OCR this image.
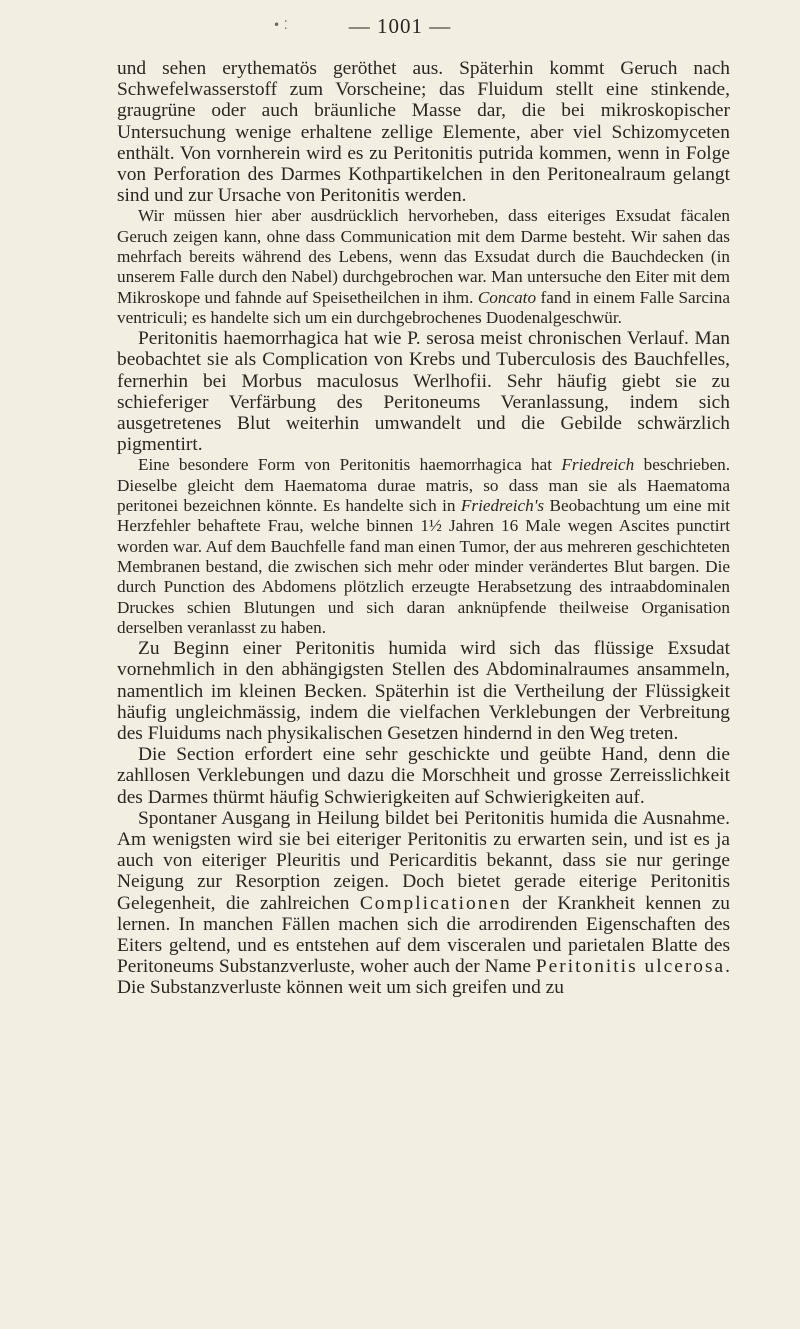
• ⁚	— 1001 —

und sehen erythematös geröthet aus. Späterhin kommt Geruch nach Schwefelwasserstoff zum Vorscheine; das Fluidum stellt eine stinkende, graugrüne oder auch bräunliche Masse dar, die bei mikroskopischer Untersuchung wenige erhaltene zellige Elemente, aber viel Schizomyceten enthält. Von vornherein wird es zu Peritonitis putrida kommen, wenn in Folge von Perforation des Darmes Kothpartikelchen in den Peritonealraum gelangt sind und zur Ursache von Peritonitis werden.

Wir müssen hier aber ausdrücklich hervorheben, dass eiteriges Exsudat fäcalen Geruch zeigen kann, ohne dass Communication mit dem Darme besteht. Wir sahen das mehrfach bereits während des Lebens, wenn das Exsudat durch die Bauchdecken (in unserem Falle durch den Nabel) durchgebrochen war. Man untersuche den Eiter mit dem Mikroskope und fahnde auf Speisetheilchen in ihm. Concato fand in einem Falle Sarcina ventriculi; es handelte sich um ein durchgebrochenes Duodenalgeschwür.

Peritonitis haemorrhagica hat wie P. serosa meist chronischen Verlauf. Man beobachtet sie als Complication von Krebs und Tuberculosis des Bauchfelles, fernerhin bei Morbus maculosus Werlhofii. Sehr häufig giebt sie zu schieferiger Verfärbung des Peritoneums Veranlassung, indem sich ausgetretenes Blut weiterhin umwandelt und die Gebilde schwärzlich pigmentirt.

Eine besondere Form von Peritonitis haemorrhagica hat Friedreich beschrieben. Dieselbe gleicht dem Haematoma durae matris, so dass man sie als Haematoma peritonei bezeichnen könnte. Es handelte sich in Friedreich's Beobachtung um eine mit Herzfehler behaftete Frau, welche binnen 1½ Jahren 16 Male wegen Ascites punctirt worden war. Auf dem Bauchfelle fand man einen Tumor, der aus mehreren geschichteten Membranen bestand, die zwischen sich mehr oder minder verändertes Blut bargen. Die durch Punction des Abdomens plötzlich erzeugte Herabsetzung des intraabdominalen Druckes schien Blutungen und sich daran anknüpfende theilweise Organisation derselben veranlasst zu haben.

Zu Beginn einer Peritonitis humida wird sich das flüssige Exsudat vornehmlich in den abhängigsten Stellen des Abdominalraumes ansammeln, namentlich im kleinen Becken. Späterhin ist die Vertheilung der Flüssigkeit häufig ungleichmässig, indem die vielfachen Verklebungen der Verbreitung des Fluidums nach physikalischen Gesetzen hindernd in den Weg treten.

Die Section erfordert eine sehr geschickte und geübte Hand, denn die zahllosen Verklebungen und dazu die Morschheit und grosse Zerreisslichkeit des Darmes thürmt häufig Schwierigkeiten auf Schwierigkeiten auf.

Spontaner Ausgang in Heilung bildet bei Peritonitis humida die Ausnahme. Am wenigsten wird sie bei eiteriger Peritonitis zu erwarten sein, und ist es ja auch von eiteriger Pleuritis und Pericarditis bekannt, dass sie nur geringe Neigung zur Resorption zeigen. Doch bietet gerade eiterige Peritonitis Gelegenheit, die zahlreichen Complicationen der Krankheit kennen zu lernen. In manchen Fällen machen sich die arrodirenden Eigenschaften des Eiters geltend, und es entstehen auf dem visceralen und parietalen Blatte des Peritoneums Substanzverluste, woher auch der Name Peritonitis ulcerosa. Die Substanzverluste können weit um sich greifen und zu
